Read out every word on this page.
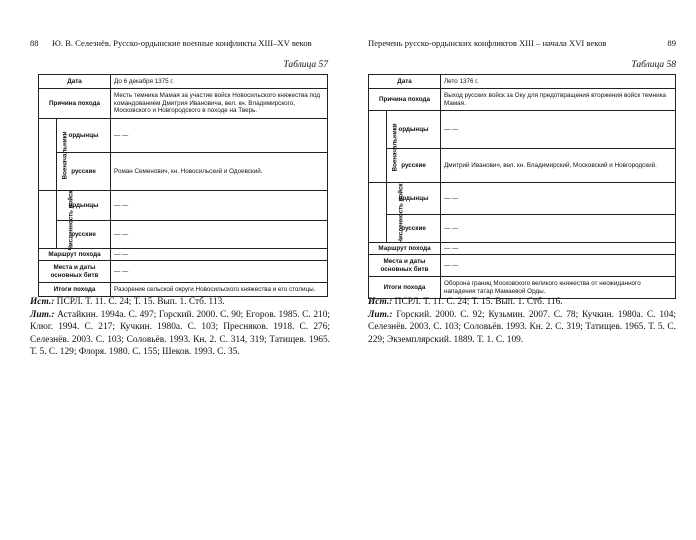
88 Ю. В. Селезнёв. Русско-ордынские военные конфликты XIII–XV веков
Таблица 57
Дата		До 6 декабря 1375 г.
Причина похода		Месть темника Мамая за участие войск Новосильского княжества под командованием Дмитрия Ивановича, вел. кн. Владимирского, Московского и Новгородского в походе на Тверь.
Военачальники	ордынцы	— —
	русские	Роман Семенович, кн. Новосильский и Одоевский.
Численность войск	ордынцы	— —
	русские	— —
Маршрут похода		— —
Места и даты основных битв		— —
Итоги похода		Разорение сельской округи Новосильского княжества и его столицы.

Ист.: ПСРЛ. Т. 11. С. 24; Т. 15. Вып. 1. Стб. 113.

Лит.: Астайкин. 1994а. С. 497; Горский. 2000. С. 90; Егоров. 1985. С. 210; Клюг. 1994. С. 217; Кучкин. 1980а. С. 103; Пресняков. 1918. С. 276; Селезнёв. 2003. С. 103; Соловьёв. 1993. Кн. 2. С. 314, 319; Татищев. 1965. Т. 5. С. 129; Флоря. 1980. С. 155; Шеков. 1993. С. 35.

Перечень русско-ордынских конфликтов XIII – начала XVI веков	89
Таблица 58
Дата		Лето 1376 г.
Причина похода		Выход русских войск за Оку для предотвращения вторжения войск темника Мамая.
Военачальники	ордынцы	— —
	русские	Дмитрий Иванович, вел. кн. Владимирский, Московский и Новгородский.
Численность войск	ордынцы	— —
	русские	— —
Маршрут похода		— —
Места и даты основных битв		— —
Итоги похода		Оборона границ Московского великого княжества от неожиданного нападения татар Мамаевой Орды.

Ист.: ПСРЛ. Т. 11. С. 24; Т. 15. Вып. 1. Стб. 116.

Лит.: Горский. 2000. С. 92; Кузьмин. 2007. С. 78; Кучкин. 1980а. С. 104; Селезнёв. 2003. С. 103; Соловьёв. 1993. Кн. 2. С. 319; Татищев. 1965. Т. 5. С. 229; Экземплярский. 1889. Т. 1. С. 109.
